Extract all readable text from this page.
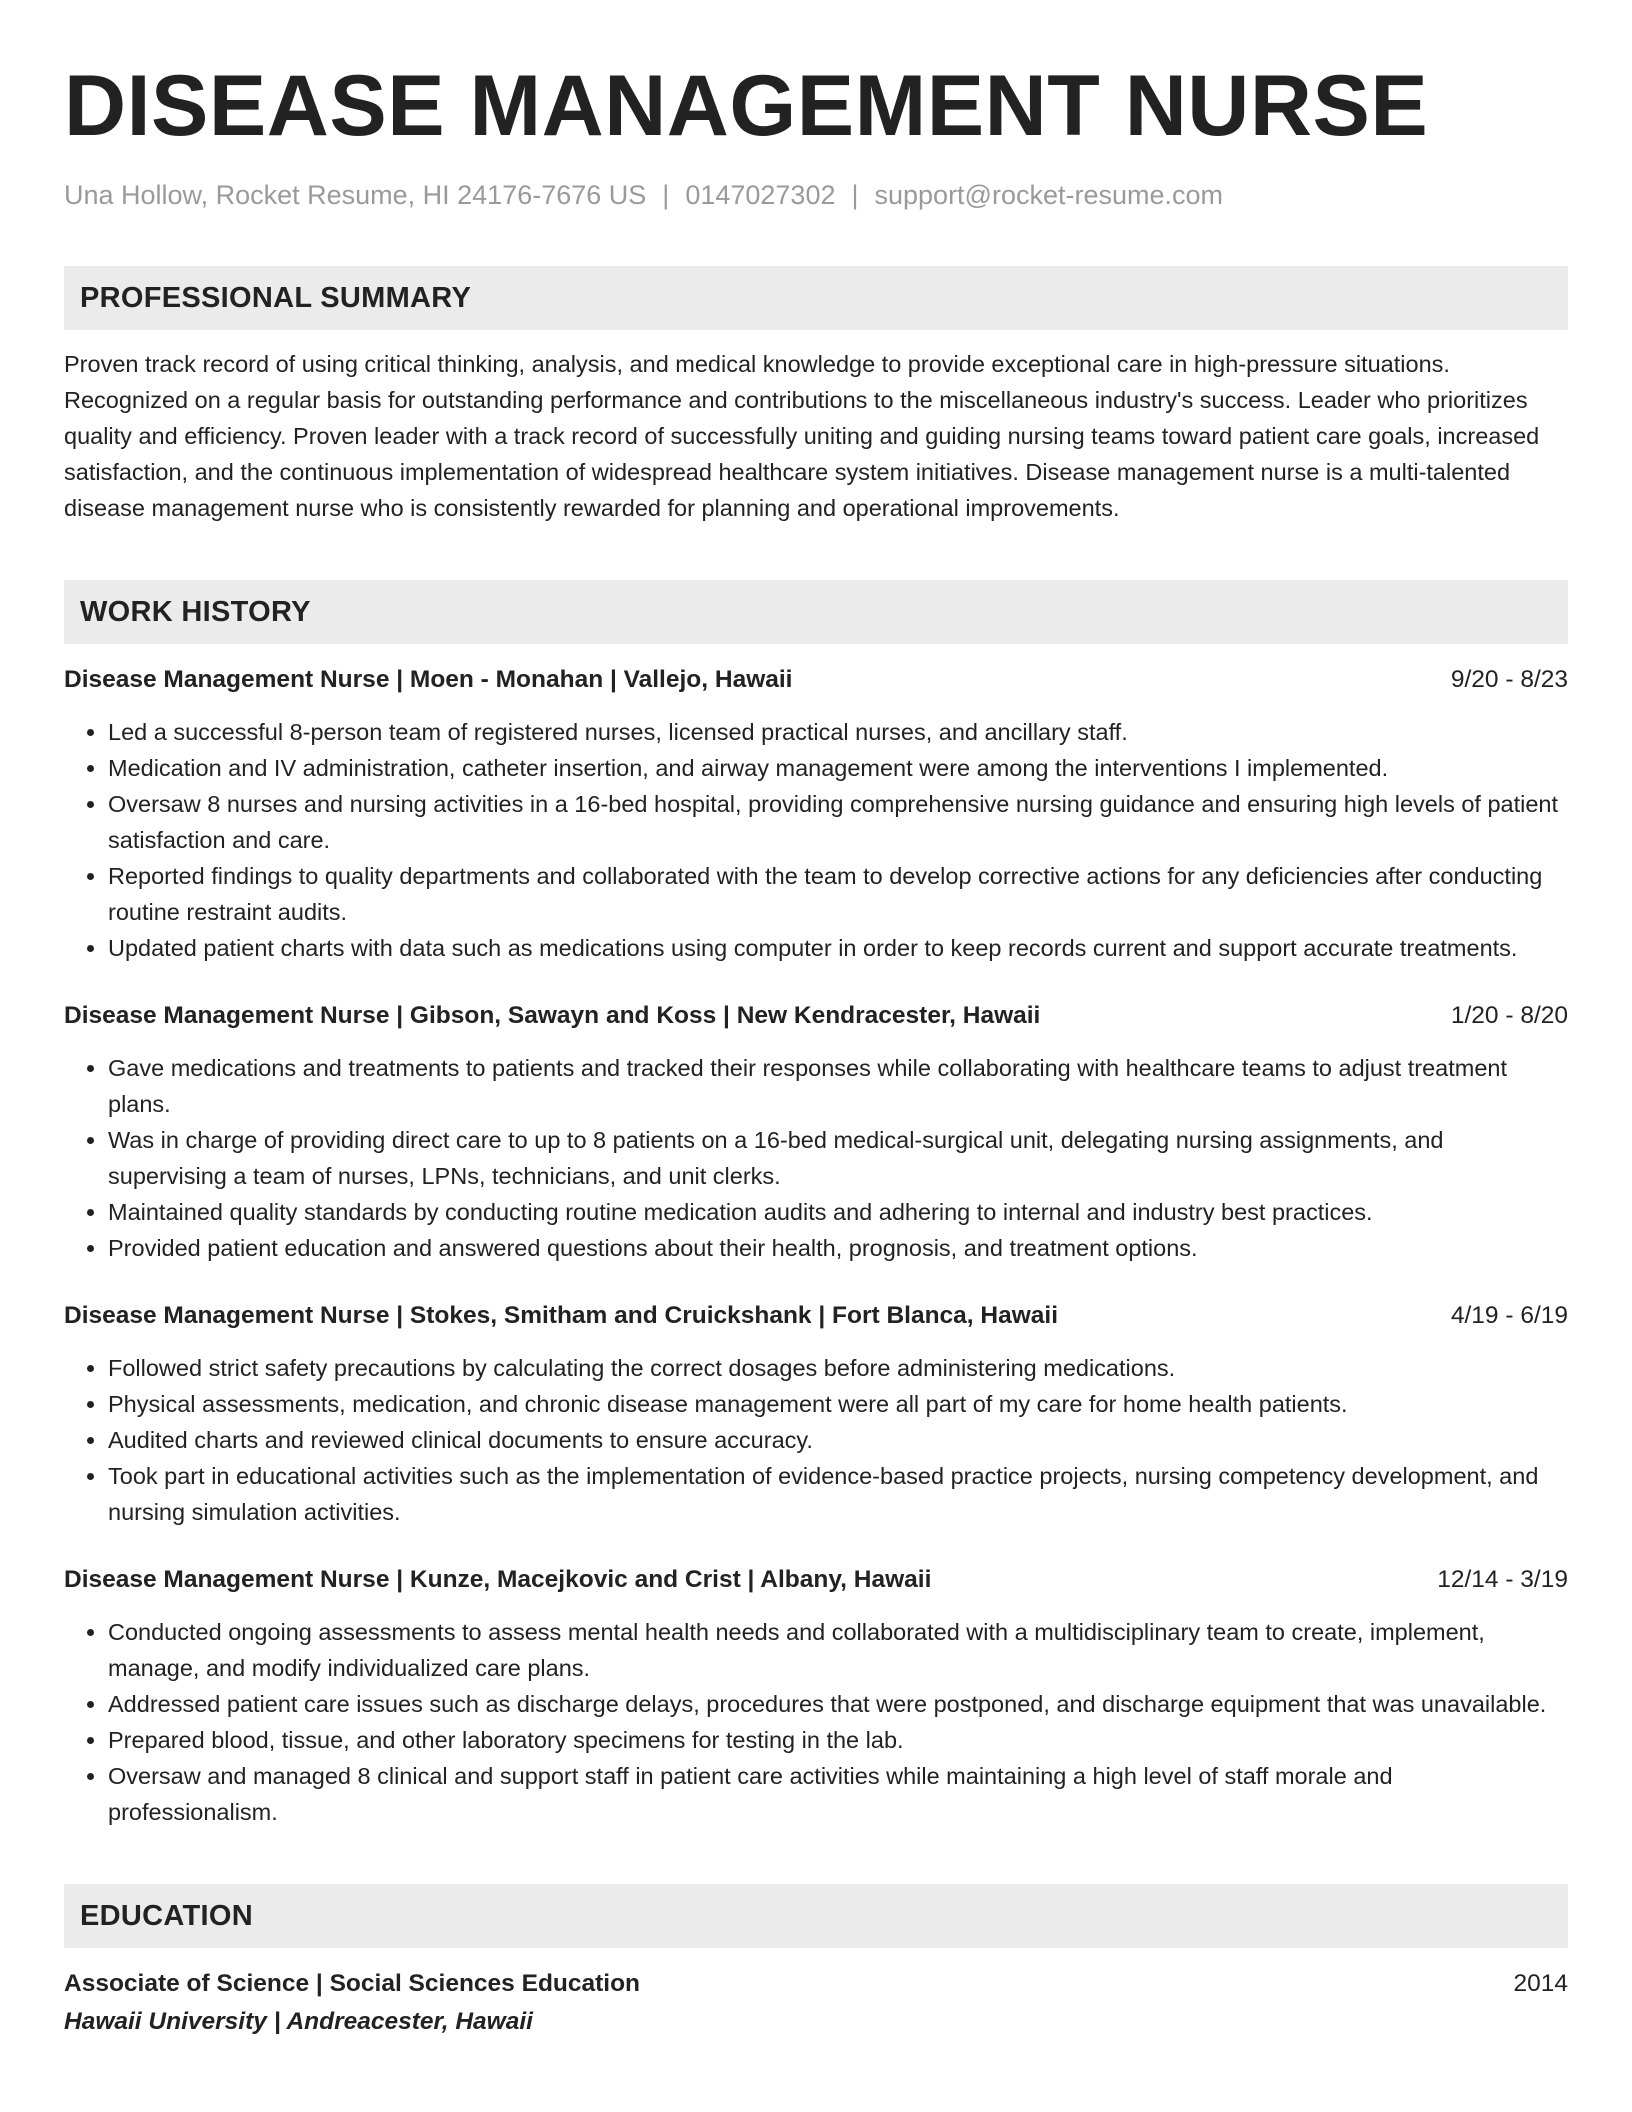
DISEASE MANAGEMENT NURSE
Una Hollow, Rocket Resume, HI 24176-7676 US | 0147027302 | support@rocket-resume.com
PROFESSIONAL SUMMARY
Proven track record of using critical thinking, analysis, and medical knowledge to provide exceptional care in high-pressure situations. Recognized on a regular basis for outstanding performance and contributions to the miscellaneous industry's success. Leader who prioritizes quality and efficiency. Proven leader with a track record of successfully uniting and guiding nursing teams toward patient care goals, increased satisfaction, and the continuous implementation of widespread healthcare system initiatives. Disease management nurse is a multi-talented disease management nurse who is consistently rewarded for planning and operational improvements.
WORK HISTORY
Disease Management Nurse | Moen - Monahan | Vallejo, Hawaii	9/20 - 8/23
• Led a successful 8-person team of registered nurses, licensed practical nurses, and ancillary staff.
• Medication and IV administration, catheter insertion, and airway management were among the interventions I implemented.
• Oversaw 8 nurses and nursing activities in a 16-bed hospital, providing comprehensive nursing guidance and ensuring high levels of patient satisfaction and care.
• Reported findings to quality departments and collaborated with the team to develop corrective actions for any deficiencies after conducting routine restraint audits.
• Updated patient charts with data such as medications using computer in order to keep records current and support accurate treatments.
Disease Management Nurse | Gibson, Sawayn and Koss | New Kendracester, Hawaii	1/20 - 8/20
• Gave medications and treatments to patients and tracked their responses while collaborating with healthcare teams to adjust treatment plans.
• Was in charge of providing direct care to up to 8 patients on a 16-bed medical-surgical unit, delegating nursing assignments, and supervising a team of nurses, LPNs, technicians, and unit clerks.
• Maintained quality standards by conducting routine medication audits and adhering to internal and industry best practices.
• Provided patient education and answered questions about their health, prognosis, and treatment options.
Disease Management Nurse | Stokes, Smitham and Cruickshank | Fort Blanca, Hawaii	4/19 - 6/19
• Followed strict safety precautions by calculating the correct dosages before administering medications.
• Physical assessments, medication, and chronic disease management were all part of my care for home health patients.
• Audited charts and reviewed clinical documents to ensure accuracy.
• Took part in educational activities such as the implementation of evidence-based practice projects, nursing competency development, and nursing simulation activities.
Disease Management Nurse | Kunze, Macejkovic and Crist | Albany, Hawaii	12/14 - 3/19
• Conducted ongoing assessments to assess mental health needs and collaborated with a multidisciplinary team to create, implement, manage, and modify individualized care plans.
• Addressed patient care issues such as discharge delays, procedures that were postponed, and discharge equipment that was unavailable.
• Prepared blood, tissue, and other laboratory specimens for testing in the lab.
• Oversaw and managed 8 clinical and support staff in patient care activities while maintaining a high level of staff morale and professionalism.
EDUCATION
Associate of Science | Social Sciences Education	2014
Hawaii University | Andreacester, Hawaii
